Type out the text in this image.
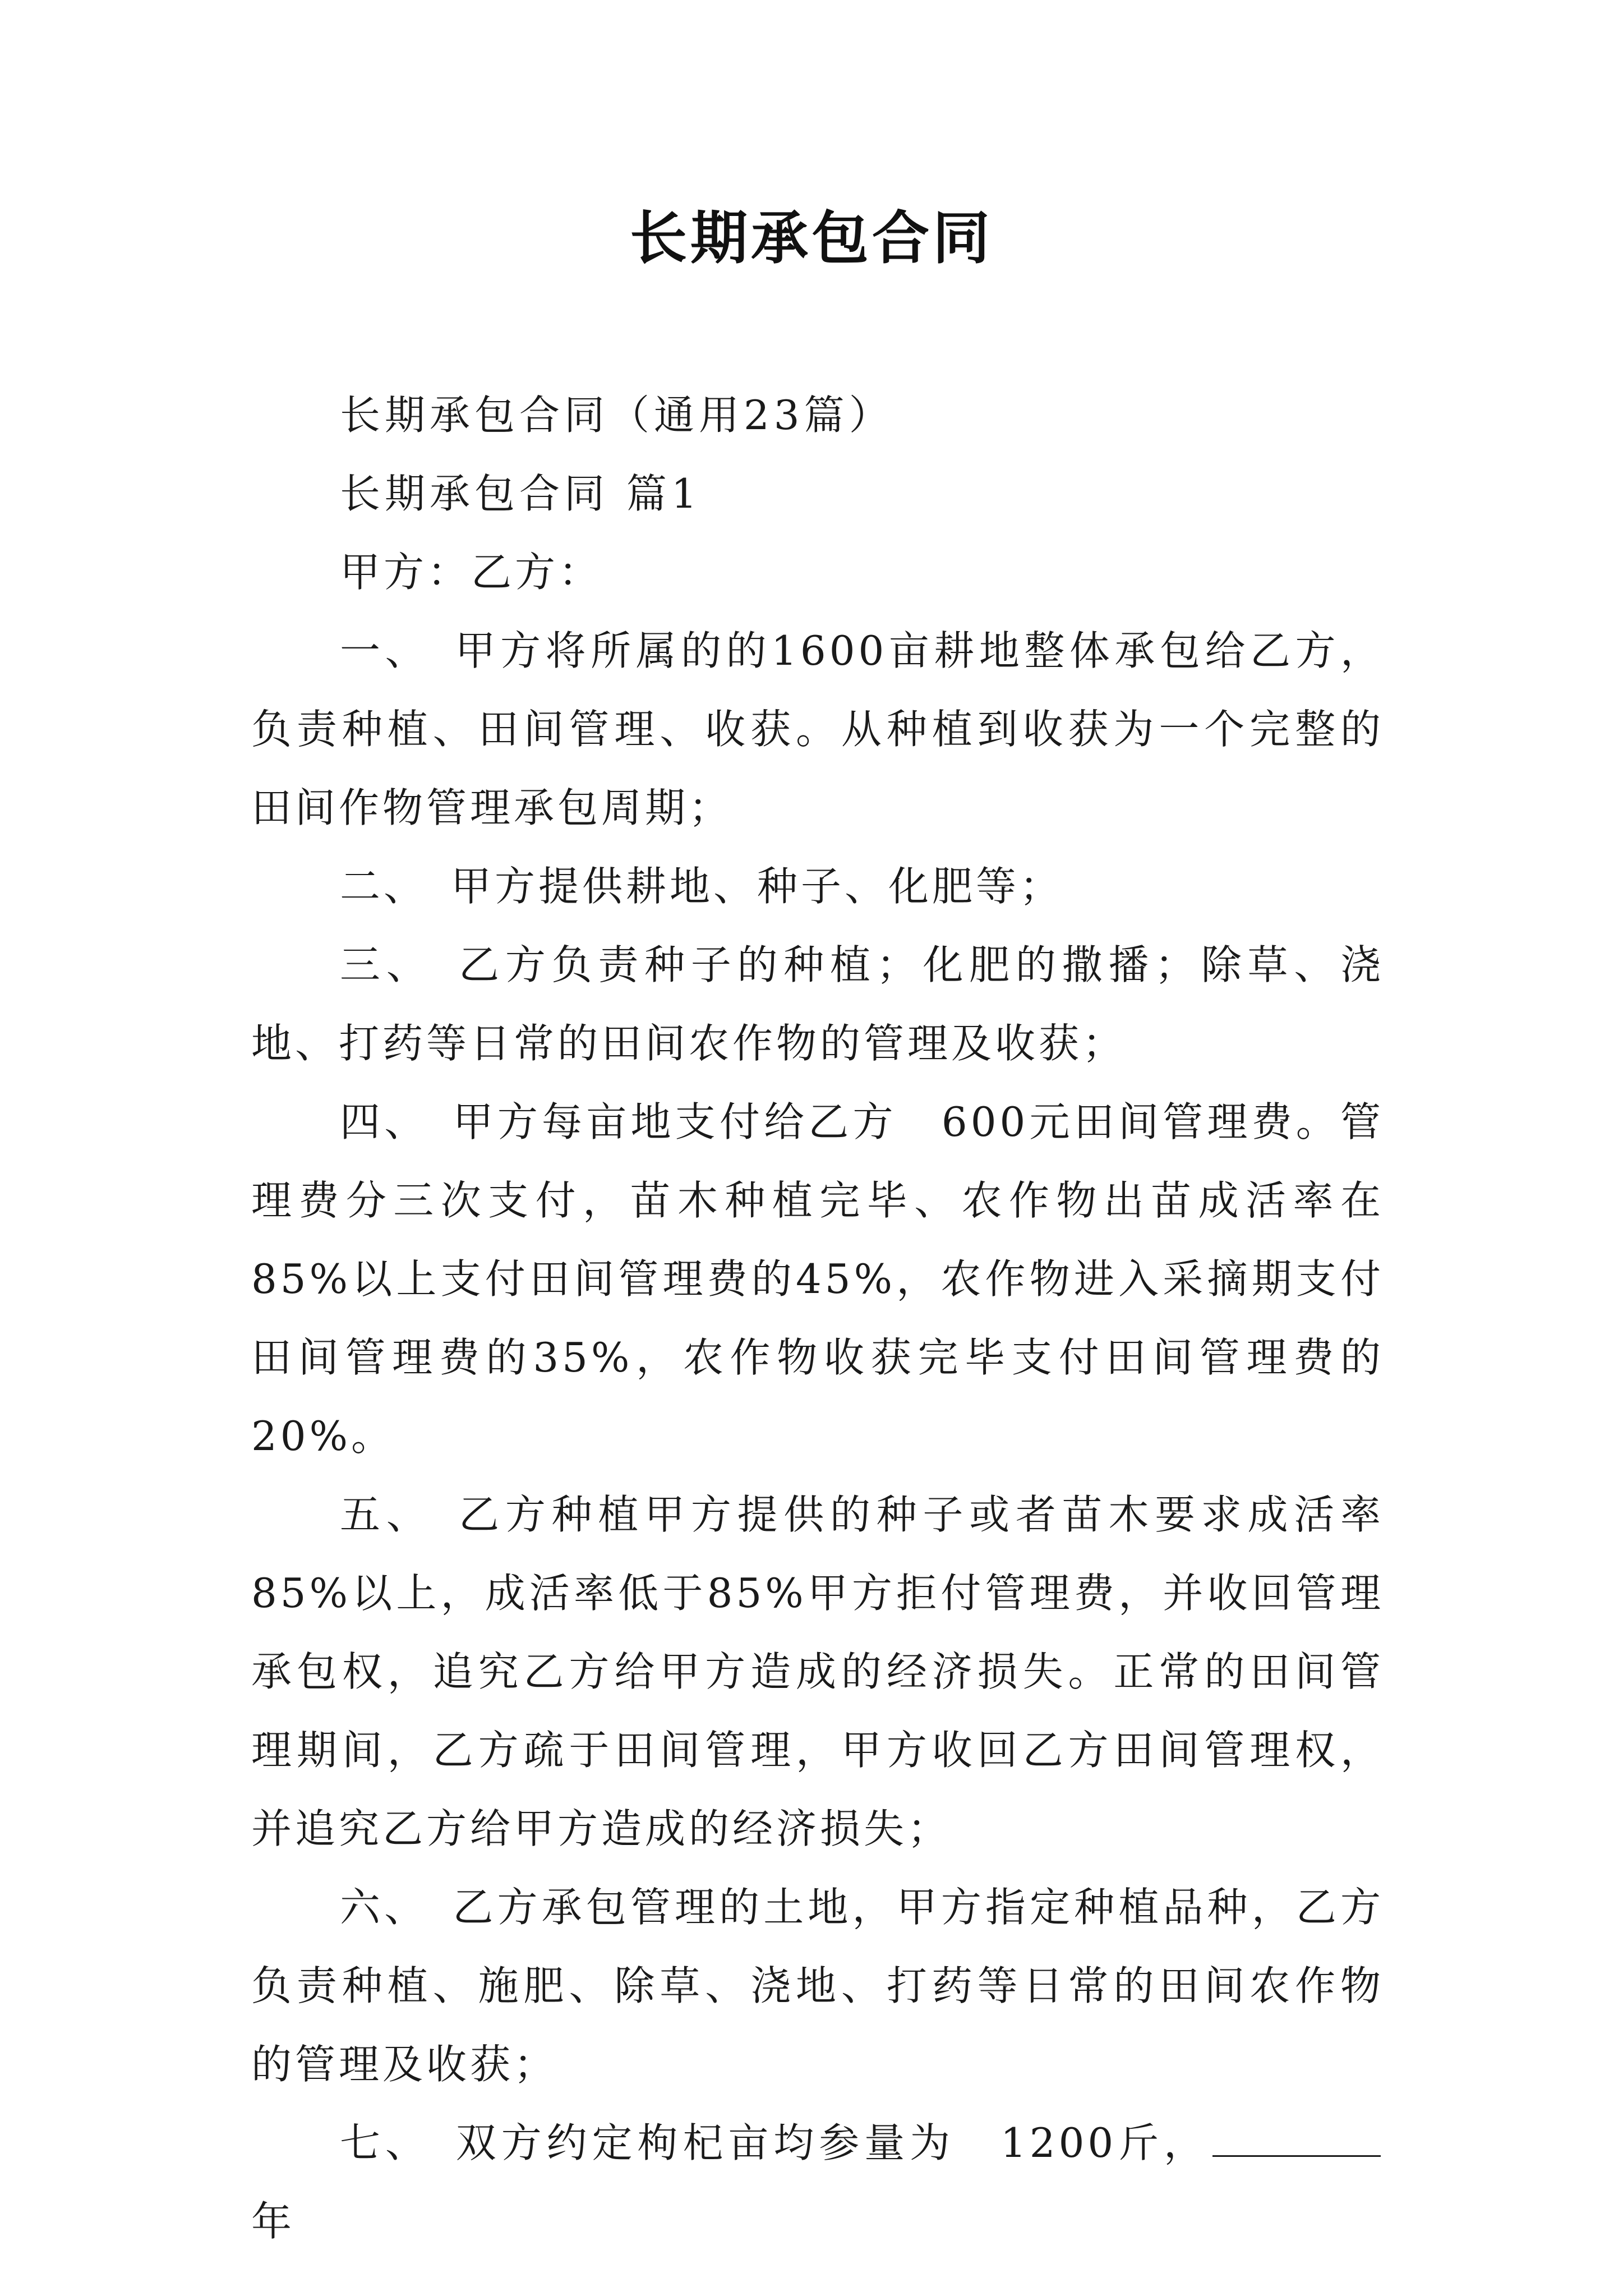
长期承包合同

长期承包合同（通用23篇）

长期承包合同 篇1

甲方：乙方：

一、　甲方将所属的的1600亩耕地整体承包给乙方，负责种植、田间管理、收获。从种植到收获为一个完整的田间作物管理承包周期；

二、　甲方提供耕地、种子、化肥等；

三、　乙方负责种子的种植；化肥的撒播；除草、浇地、打药等日常的田间农作物的管理及收获；

四、　甲方每亩地支付给乙方　600元田间管理费。管理费分三次支付，苗木种植完毕、农作物出苗成活率在85%以上支付田间管理费的45%，农作物进入采摘期支付田间管理费的35%，农作物收获完毕支付田间管理费的20%。

五、　乙方种植甲方提供的种子或者苗木要求成活率85%以上，成活率低于85%甲方拒付管理费，并收回管理承包权，追究乙方给甲方造成的经济损失。正常的田间管理期间，乙方疏于田间管理，甲方收回乙方田间管理权，并追究乙方给甲方造成的经济损失；

六、　乙方承包管理的土地，甲方指定种植品种，乙方负责种植、施肥、除草、浇地、打药等日常的田间农作物的管理及收获；

七、　双方约定枸杞亩均参量为　1200斤，年
